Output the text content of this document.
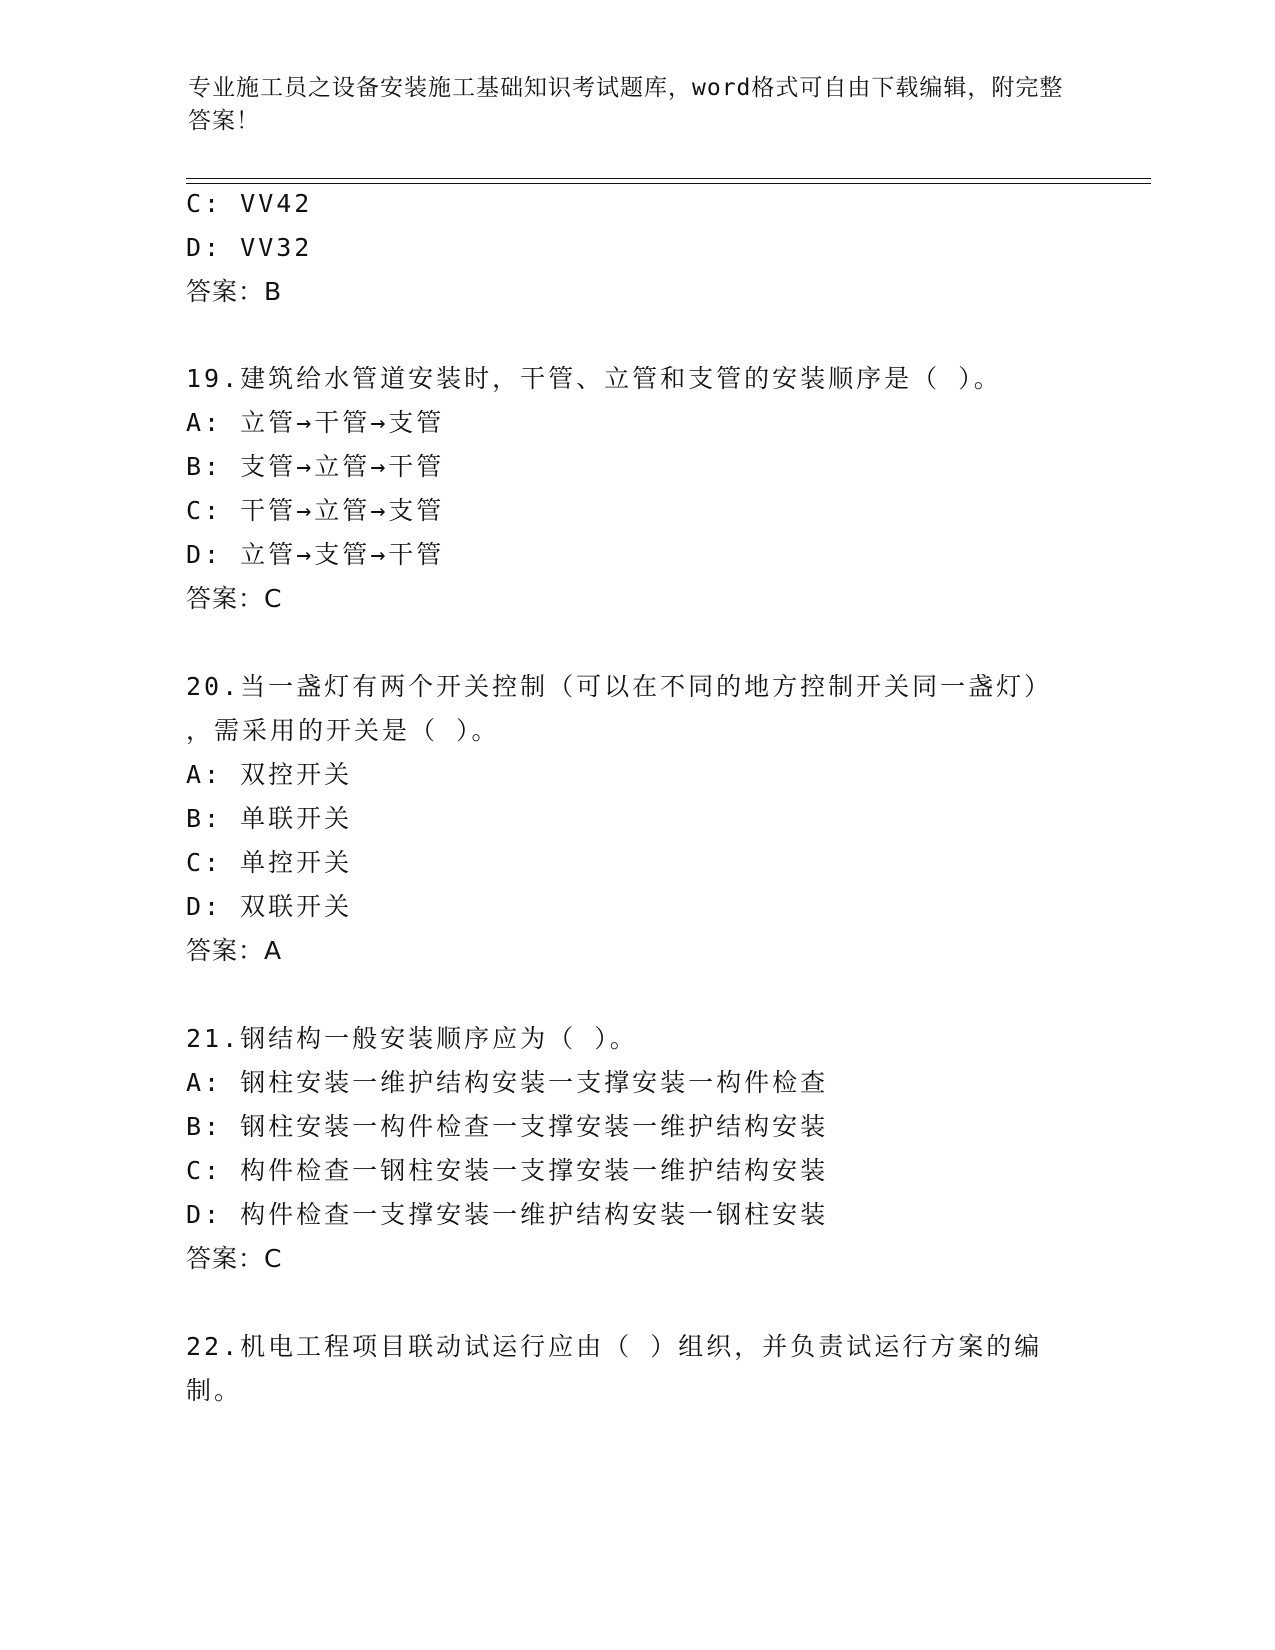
专业施工员之设备安装施工基础知识考试题库，word格式可自由下载编辑，附完整答案！
C: VV42
D: VV32
答案：B
19.建筑给水管道安装时，干管、立管和支管的安装顺序是（ ）。
A: 立管→干管→支管
B: 支管→立管→干管
C: 干管→立管→支管
D: 立管→支管→干管
答案：C
20.当一盏灯有两个开关控制（可以在不同的地方控制开关同一盏灯）
，需采用的开关是（ ）。
A: 双控开关
B: 单联开关
C: 单控开关
D: 双联开关
答案：A
21.钢结构一般安装顺序应为（ ）。
A: 钢柱安装一维护结构安装一支撑安装一构件检查
B: 钢柱安装一构件检查一支撑安装一维护结构安装
C: 构件检查一钢柱安装一支撑安装一维护结构安装
D: 构件检查一支撑安装一维护结构安装一钢柱安装
答案：C
22.机电工程项目联动试运行应由（ ）组织，并负责试运行方案的编
制。
